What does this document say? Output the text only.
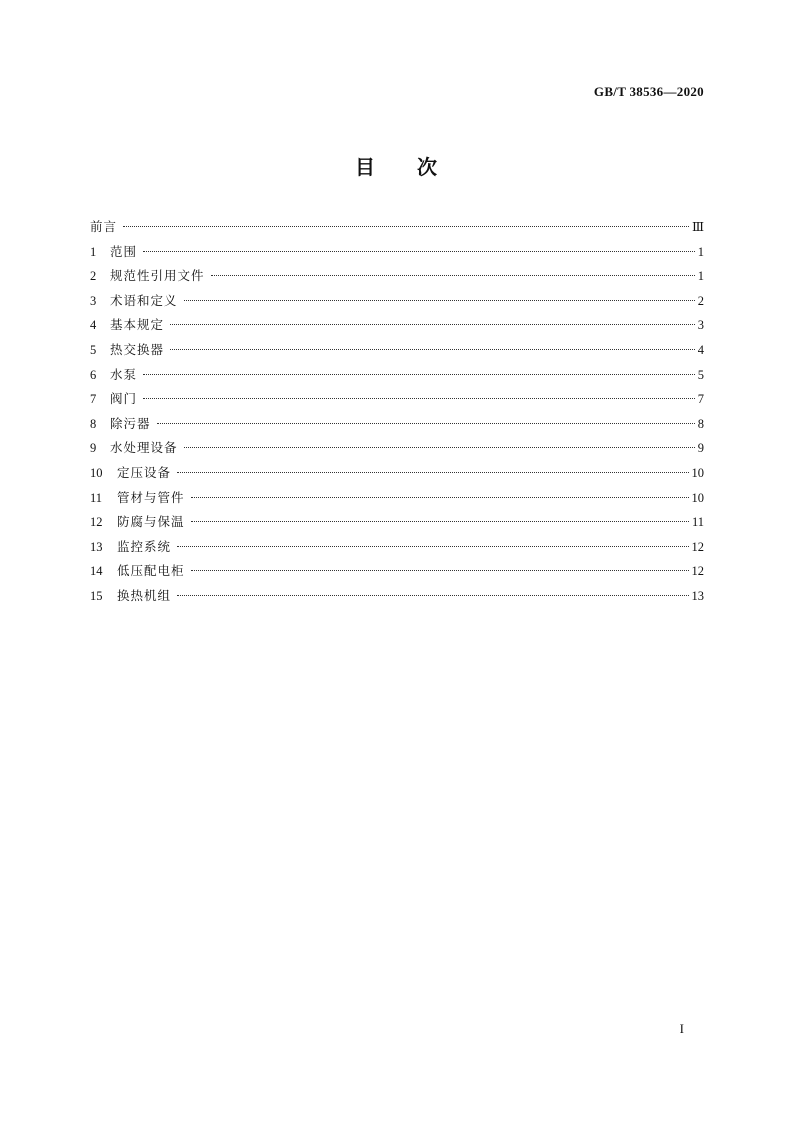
GB/T 38536—2020
目 次
前言	Ⅲ
1	范围	1
2	规范性引用文件	1
3	术语和定义	2
4	基本规定	3
5	热交换器	4
6	水泵	5
7	阀门	7
8	除污器	8
9	水处理设备	9
10	定压设备	10
11	管材与管件	10
12	防腐与保温	11
13	监控系统	12
14	低压配电柜	12
15	换热机组	13
I
